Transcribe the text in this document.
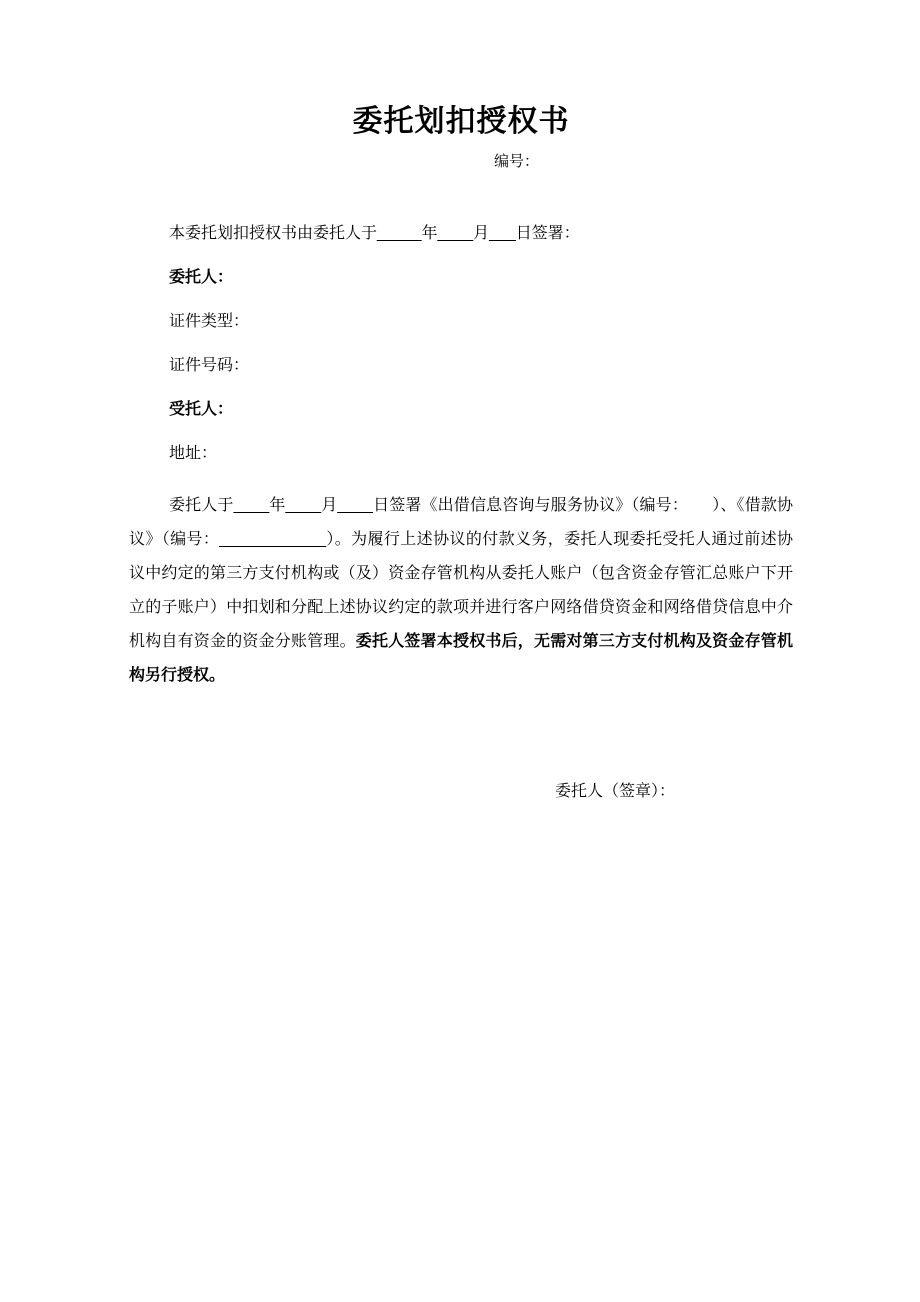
委托划扣授权书
编号：

本委托划扣授权书由委托人于_____年____月___日签署：

委托人：

证件类型：

证件号码：

受托人：

地址：

委托人于____年____月____日签署《出借信息咨询与服务协议》（编号：　　）、《借款协议》（编号：____________）。为履行上述协议的付款义务，委托人现委托受托人通过前述协议中约定的第三方支付机构或（及）资金存管机构从委托人账户（包含资金存管汇总账户下开立的子账户）中扣划和分配上述协议约定的款项并进行客户网络借贷资金和网络借贷信息中介机构自有资金的资金分账管理。委托人签署本授权书后，无需对第三方支付机构及资金存管机构另行授权。

委托人（签章）：
